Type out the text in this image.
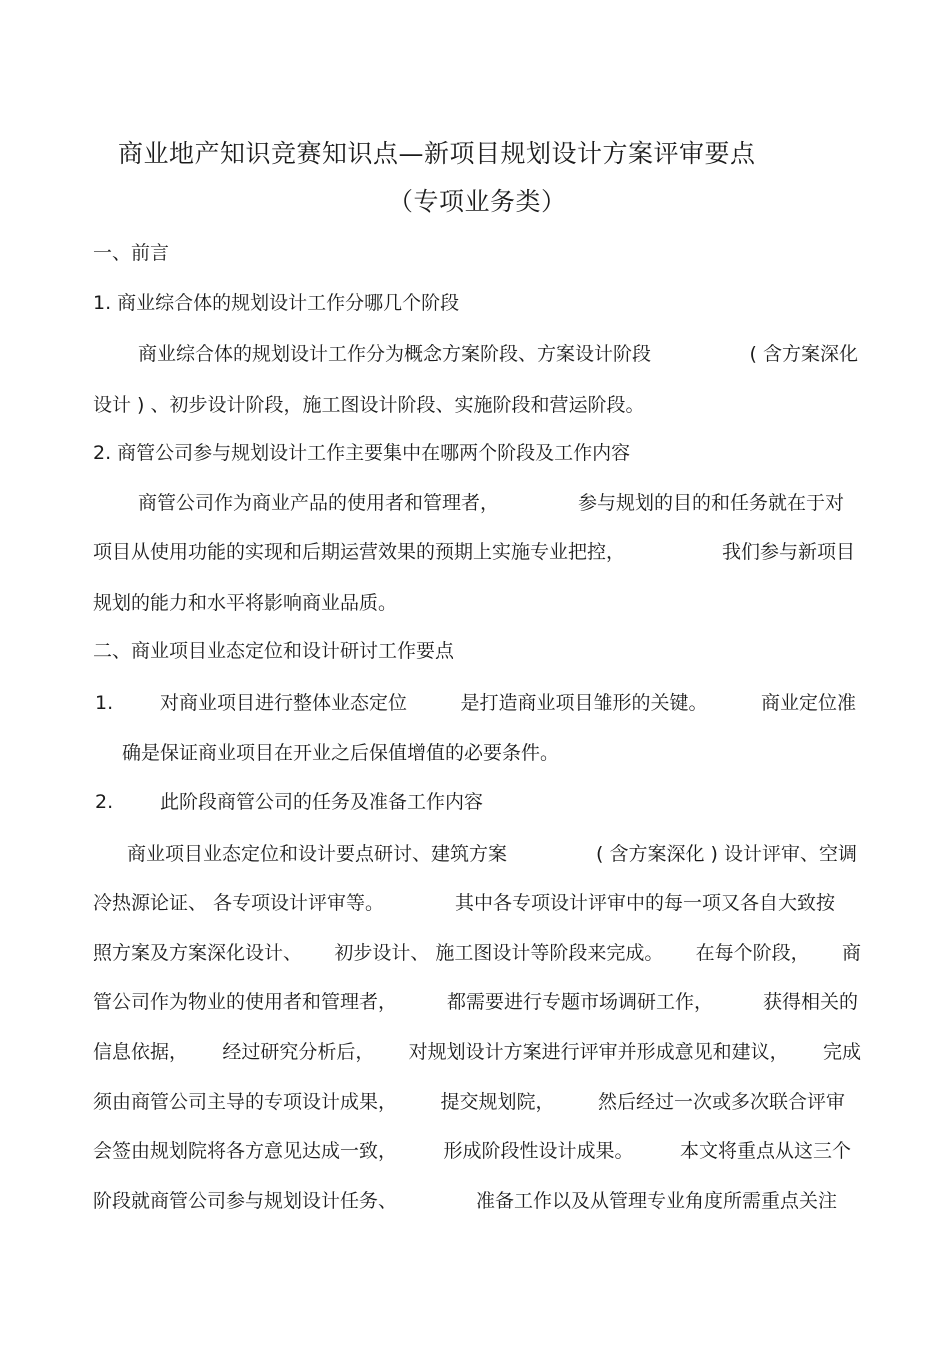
商业地产知识竞赛知识点—新项目规划设计方案评审要点
（专项业务类）
一、前言
1. 商业综合体的规划设计工作分哪几个阶段
商业综合体的规划设计工作分为概念方案阶段、方案设计阶段	( 含方案深化
设计 ) 、初步设计阶段，施工图设计阶段、实施阶段和营运阶段。
2. 商管公司参与规划设计工作主要集中在哪两个阶段及工作内容
商管公司作为商业产品的使用者和管理者，	参与规划的目的和任务就在于对
项目从使用功能的实现和后期运营效果的预期上实施专业把控，	我们参与新项目
规划的能力和水平将影响商业品质。
二、商业项目业态定位和设计研讨工作要点
1. 对商业项目进行整体业态定位	是打造商业项目雏形的关键。	商业定位准
确是保证商业项目在开业之后保值增值的必要条件。
2. 此阶段商管公司的任务及准备工作内容
商业项目业态定位和设计要点研讨、建筑方案	( 含方案深化 ) 设计评审、空调
冷热源论证、 各专项设计评审等。	其中各专项设计评审中的每一项又各自大致按
照方案及方案深化设计、 初步设计、 施工图设计等阶段来完成。 在每个阶段， 商
管公司作为物业的使用者和管理者，	都需要进行专题市场调研工作，	获得相关的
信息依据， 经过研究分析后， 对规划设计方案进行评审并形成意见和建议， 完成
须由商管公司主导的专项设计成果， 提交规划院， 然后经过一次或多次联合评审
会签由规划院将各方意见达成一致， 形成阶段性设计成果。 本文将重点从这三个
阶段就商管公司参与规划设计任务、	准备工作以及从管理专业角度所需重点关注
